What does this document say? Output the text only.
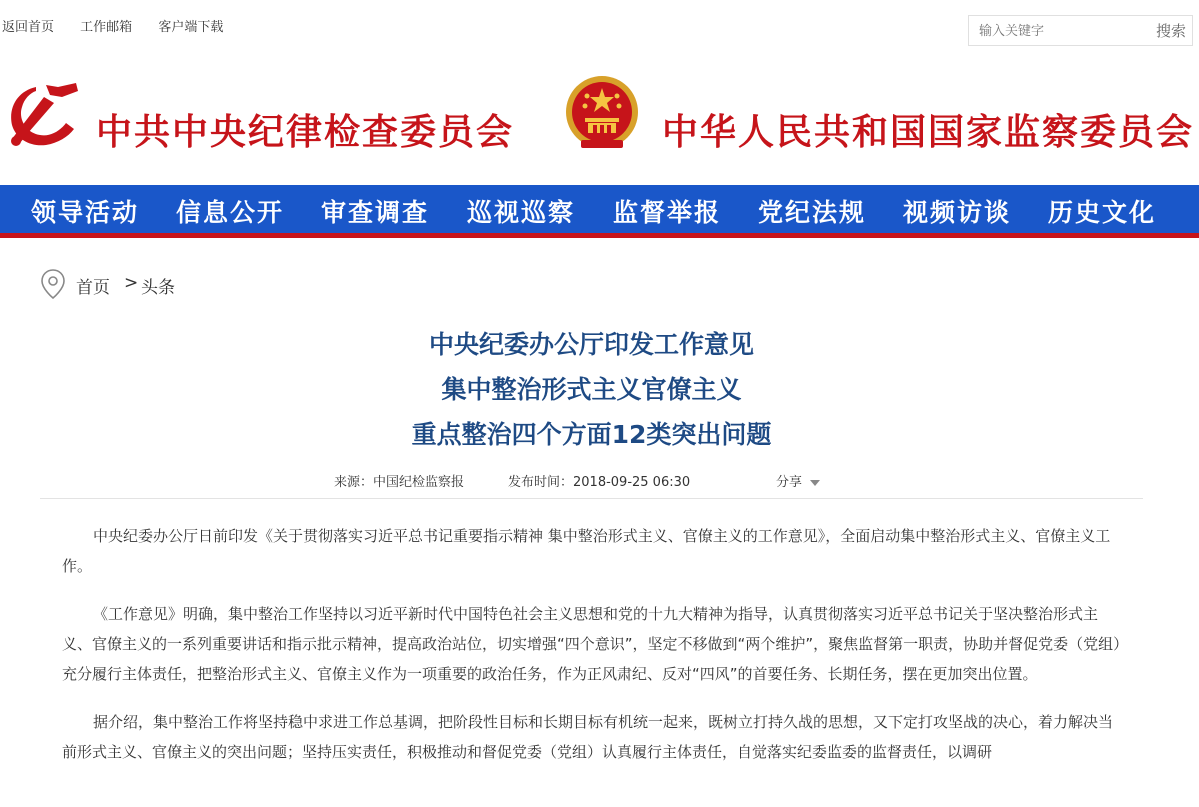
返回首页 工作邮箱 客户端下载
输入关键字	搜索
中共中央纪律检查委员会	中华人民共和国国家监察委员会
领导活动 信息公开 审查调查 巡视巡察 监督举报 党纪法规 视频访谈 历史文化
首页 > 头条
中央纪委办公厅印发工作意见
集中整治形式主义官僚主义
重点整治四个方面12类突出问题
来源：中国纪检监察报	发布时间：2018-09-25 06:30	分享

中央纪委办公厅日前印发《关于贯彻落实习近平总书记重要指示精神 集中整治形式主义、官僚主义的工作意见》，全面启动集中整治形式主义、官僚主义工作。

《工作意见》明确，集中整治工作坚持以习近平新时代中国特色社会主义思想和党的十九大精神为指导，认真贯彻落实习近平总书记关于坚决整治形式主义、官僚主义的一系列重要讲话和指示批示精神，提高政治站位，切实增强“四个意识”，坚定不移做到“两个维护”，聚焦监督第一职责，协助并督促党委（党组）充分履行主体责任，把整治形式主义、官僚主义作为一项重要的政治任务，作为正风肃纪、反对“四风”的首要任务、长期任务，摆在更加突出位置。

据介绍，集中整治工作将坚持稳中求进工作总基调，把阶段性目标和长期目标有机统一起来，既树立打持久战的思想，又下定打攻坚战的决心，着力解决当前形式主义、官僚主义的突出问题；坚持压实责任，积极推动和督促党委（党组）认真履行主体责任，自觉落实纪委监委的监督责任，以调研
